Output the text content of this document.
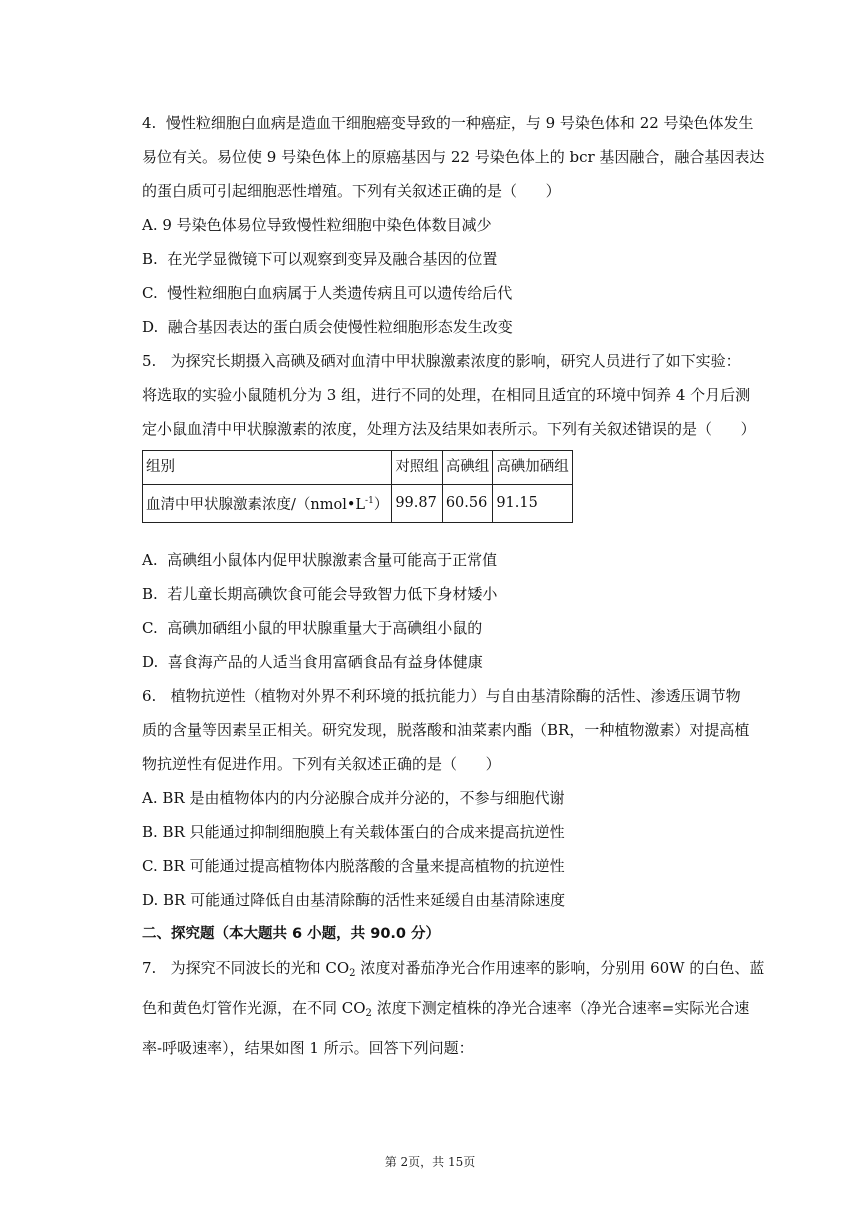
4.  慢性粒细胞白血病是造血干细胞癌变导致的一种癌症，与 9 号染色体和 22 号染色体发生

易位有关。易位使 9 号染色体上的原癌基因与 22 号染色体上的 bcr 基因融合，融合基因表达

的蛋白质可引起细胞恶性增殖。下列有关叙述正确的是（      ）

A. 9 号染色体易位导致慢性粒细胞中染色体数目减少

B.  在光学显微镜下可以观察到变异及融合基因的位置

C.  慢性粒细胞白血病属于人类遗传病且可以遗传给后代

D.  融合基因表达的蛋白质会使慢性粒细胞形态发生改变

5.   为探究长期摄入高碘及硒对血清中甲状腺激素浓度的影响，研究人员进行了如下实验：

将选取的实验小鼠随机分为 3 组，进行不同的处理，在相同且适宜的环境中饲养 4 个月后测

定小鼠血清中甲状腺激素的浓度，处理方法及结果如表所示。下列有关叙述错误的是（      ）

组别	对照组	高碘组	高碘加硒组
血清中甲状腺激素浓度$/(nmol•L^{-1})$	99.87	60.56	91.15

A.  高碘组小鼠体内促甲状腺激素含量可能高于正常值

B.  若儿童长期高碘饮食可能会导致智力低下身材矮小

C.  高碘加硒组小鼠的甲状腺重量大于高碘组小鼠的

D.  喜食海产品的人适当食用富硒食品有益身体健康

6.   植物抗逆性（植物对外界不利环境的抵抗能力）与自由基清除酶的活性、渗透压调节物

质的含量等因素呈正相关。研究发现，脱落酸和油菜素内酯（BR，一种植物激素）对提高植

物抗逆性有促进作用。下列有关叙述正确的是（      ）

A. BR 是由植物体内的内分泌腺合成并分泌的，不参与细胞代谢

B. BR 只能通过抑制细胞膜上有关载体蛋白的合成来提高抗逆性

C. BR 可能通过提高植物体内脱落酸的含量来提高植物的抗逆性

D. BR 可能通过降低自由基清除酶的活性来延缓自由基清除速度

二、探究题（本大题共 6 小题，共 90.0 分）

7.   为探究不同波长的光和 $CO_2$ 浓度对番茄净光合作用速率的影响，分别用 60W 的白色、蓝

色和黄色灯管作光源，在不同 $CO_2$ 浓度下测定植株的净光合速率（净光合速率=实际光合速

率-呼吸速率），结果如图 1 所示。回答下列问题：

第 2页，共 15页
